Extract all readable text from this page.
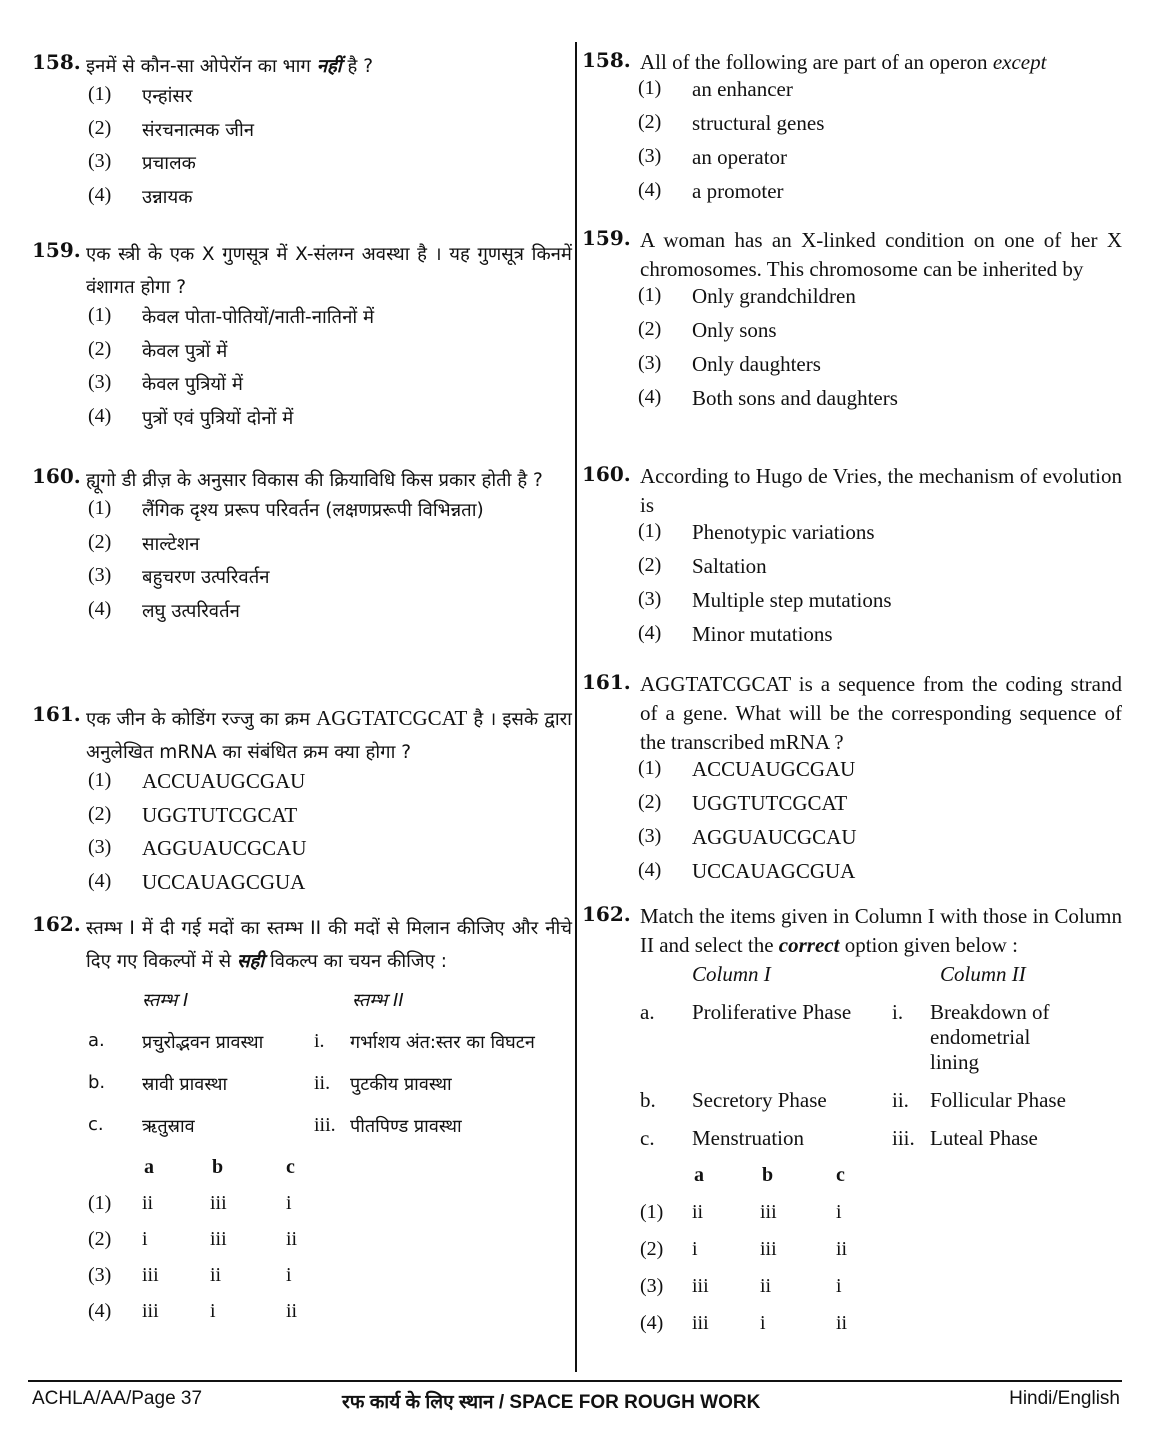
158. इनमें से कौन-सा ओपेरॉन का भाग नहीं है ?
(1) एन्हांसर
(2) संरचनात्मक जीन
(3) प्रचालक
(4) उन्नायक
159. एक स्त्री के एक X गुणसूत्र में X-संलग्न अवस्था है । यह गुणसूत्र किनमें वंशागत होगा ?
(1) केवल पोता-पोतियों/नाती-नातिनों में
(2) केवल पुत्रों में
(3) केवल पुत्रियों में
(4) पुत्रों एवं पुत्रियों दोनों में
160. ह्यूगो डी व्रीज़ के अनुसार विकास की क्रियाविधि किस प्रकार होती है ?
(1) लैंगिक दृश्य प्ररूप परिवर्तन (लक्षणप्ररूपी विभिन्नता)
(2) साल्टेशन
(3) बहुचरण उत्परिवर्तन
(4) लघु उत्परिवर्तन
161. एक जीन के कोडिंग रज्जु का क्रम AGGTATCGCAT है । इसके द्वारा अनुलेखित mRNA का संबंधित क्रम क्या होगा ?
(1) ACCUAUGCGAU
(2) UGGTUTCGCAT
(3) AGGUAUCGCAU
(4) UCCAUAGCGUA
162. स्तम्भ I में दी गई मदों का स्तम्भ II की मदों से मिलान कीजिए और नीचे दिए गए विकल्पों में से सही विकल्प का चयन कीजिए :
स्तम्भ I	स्तम्भ II
a. प्रचुरोद्भवन प्रावस्था	i. गर्भाशय अंत:स्तर का विघटन
b. स्रावी प्रावस्था	ii. पुटकीय प्रावस्था
c. ऋतुस्राव	iii. पीतपिण्ड प्रावस्था
a	b	c
(1) ii	iii	i
(2) i	iii	ii
(3) iii	ii	i
(4) iii	i	ii
158. All of the following are part of an operon except
(1) an enhancer
(2) structural genes
(3) an operator
(4) a promoter
159. A woman has an X-linked condition on one of her X chromosomes. This chromosome can be inherited by
(1) Only grandchildren
(2) Only sons
(3) Only daughters
(4) Both sons and daughters
160. According to Hugo de Vries, the mechanism of evolution is
(1) Phenotypic variations
(2) Saltation
(3) Multiple step mutations
(4) Minor mutations
161. AGGTATCGCAT is a sequence from the coding strand of a gene. What will be the corresponding sequence of the transcribed mRNA ?
(1) ACCUAUGCGAU
(2) UGGTUTCGCAT
(3) AGGUAUCGCAU
(4) UCCAUAGCGUA
162. Match the items given in Column I with those in Column II and select the correct option given below :
Column I	Column II
a. Proliferative Phase i. Breakdown of endometrial lining
b. Secretory Phase	ii. Follicular Phase
c. Menstruation	iii. Luteal Phase
a	b	c
(1) ii	iii	i
(2) i	iii	ii
(3) iii	ii	i
(4) iii	i	ii
ACHLA/AA/Page 37	रफ कार्य के लिए स्थान / SPACE FOR ROUGH WORK	Hindi/English
